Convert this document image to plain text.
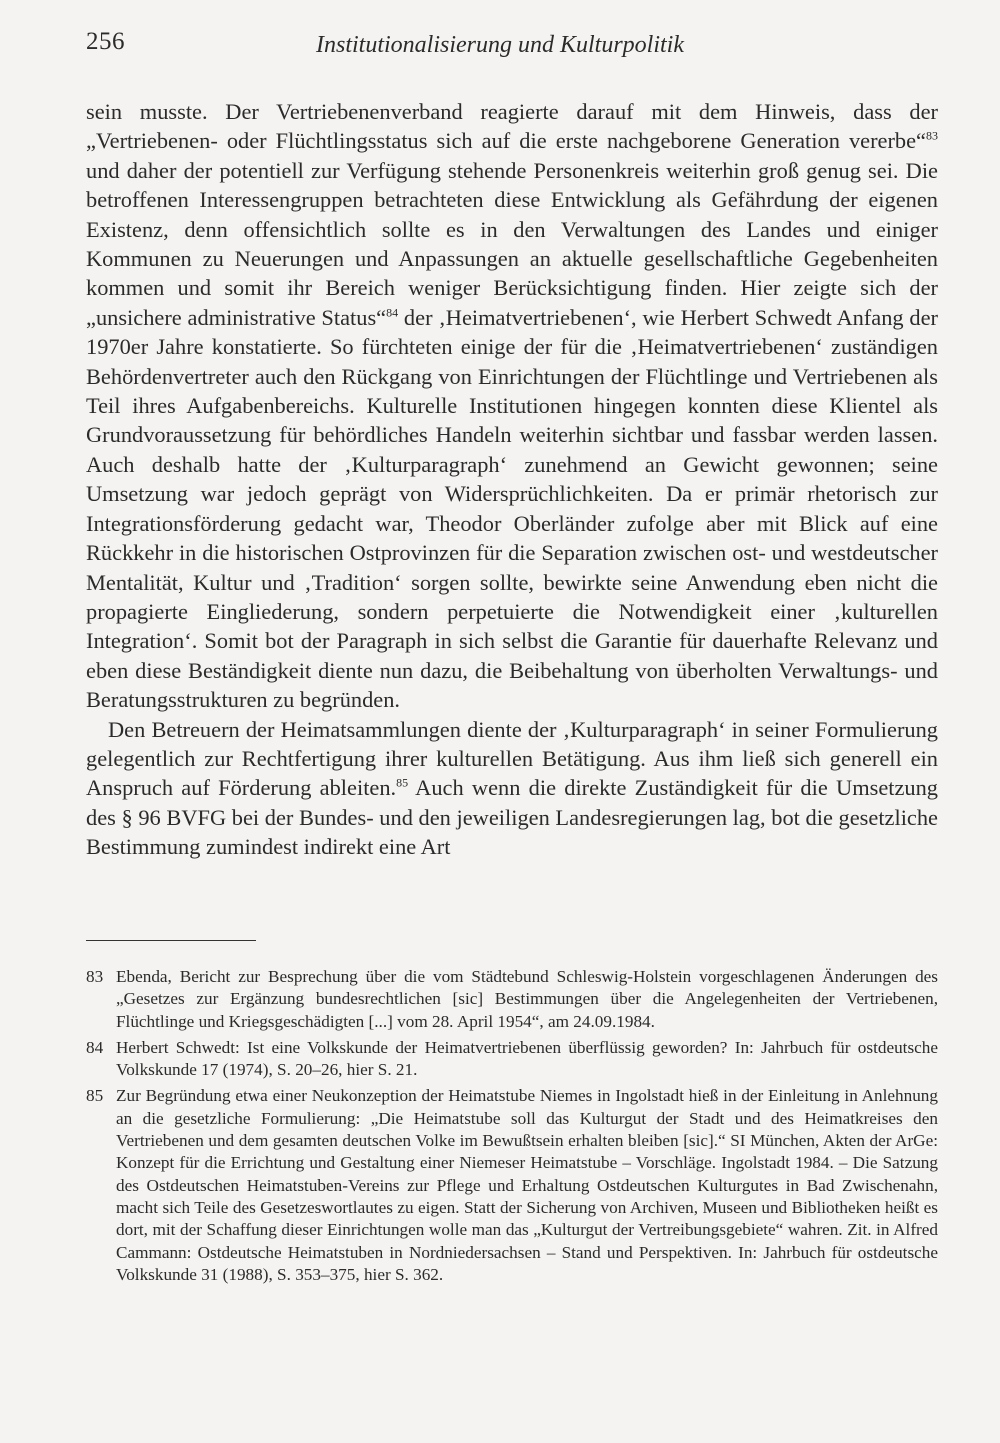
256	Institutionalisierung und Kulturpolitik

sein musste. Der Vertriebenenverband reagierte darauf mit dem Hinweis, dass der „Vertriebenen- oder Flüchtlingsstatus sich auf die erste nachgeborene Generation vererbe“$^{83}$ und daher der potentiell zur Verfügung stehende Personenkreis weiterhin groß genug sei. Die betroffenen Interessengruppen betrachteten diese Entwicklung als Gefährdung der eigenen Existenz, denn offensichtlich sollte es in den Verwaltungen des Landes und einiger Kommunen zu Neuerungen und Anpassungen an aktuelle gesellschaftliche Gegebenheiten kommen und somit ihr Bereich weniger Berücksichtigung finden. Hier zeigte sich der „unsichere administrative Status“$^{84}$ der ‚Heimatvertriebenen‘, wie Herbert Schwedt Anfang der 1970er Jahre konstatierte. So fürchteten einige der für die ‚Heimatvertriebenen‘ zuständigen Behördenvertreter auch den Rückgang von Einrichtungen der Flüchtlinge und Vertriebenen als Teil ihres Aufgabenbereichs. Kulturelle Institutionen hingegen konnten diese Klientel als Grundvoraussetzung für behördliches Handeln weiterhin sichtbar und fassbar werden lassen. Auch deshalb hatte der ‚Kulturparagraph‘ zunehmend an Gewicht gewonnen; seine Umsetzung war jedoch geprägt von Widersprüchlichkeiten. Da er primär rhetorisch zur Integrationsförderung gedacht war, Theodor Oberländer zufolge aber mit Blick auf eine Rückkehr in die historischen Ostprovinzen für die Separation zwischen ost- und westdeutscher Mentalität, Kultur und ‚Tradition‘ sorgen sollte, bewirkte seine Anwendung eben nicht die propagierte Eingliederung, sondern perpetuierte die Notwendigkeit einer ‚kulturellen Integration‘. Somit bot der Paragraph in sich selbst die Garantie für dauerhafte Relevanz und eben diese Beständigkeit diente nun dazu, die Beibehaltung von überholten Verwaltungs- und Beratungsstrukturen zu begründen.

Den Betreuern der Heimatsammlungen diente der ‚Kulturparagraph‘ in seiner Formulierung gelegentlich zur Rechtfertigung ihrer kulturellen Betätigung. Aus ihm ließ sich generell ein Anspruch auf Förderung ableiten.$^{85}$ Auch wenn die direkte Zuständigkeit für die Umsetzung des § 96 BVFG bei der Bundes- und den jeweiligen Landesregierungen lag, bot die gesetzliche Bestimmung zumindest indirekt eine Art

83 Ebenda, Bericht zur Besprechung über die vom Städtebund Schleswig-Holstein vorgeschlagenen Änderungen des „Gesetzes zur Ergänzung bundesrechtlichen [sic] Bestimmungen über die Angelegenheiten der Vertriebenen, Flüchtlinge und Kriegsgeschädigten [...] vom 28. April 1954“, am 24.09.1984.
84 Herbert Schwedt: Ist eine Volkskunde der Heimatvertriebenen überflüssig geworden? In: Jahrbuch für ostdeutsche Volkskunde 17 (1974), S. 20–26, hier S. 21.
85 Zur Begründung etwa einer Neukonzeption der Heimatstube Niemes in Ingolstadt hieß in der Einleitung in Anlehnung an die gesetzliche Formulierung: „Die Heimatstube soll das Kulturgut der Stadt und des Heimatkreises den Vertriebenen und dem gesamten deutschen Volke im Bewußtsein erhalten bleiben [sic].“ SI München, Akten der ArGe: Konzept für die Errichtung und Gestaltung einer Niemeser Heimatstube – Vorschläge. Ingolstadt 1984. – Die Satzung des Ostdeutschen Heimatstuben-Vereins zur Pflege und Erhaltung Ostdeutschen Kulturgutes in Bad Zwischenahn, macht sich Teile des Gesetzeswortlautes zu eigen. Statt der Sicherung von Archiven, Museen und Bibliotheken heißt es dort, mit der Schaffung dieser Einrichtungen wolle man das „Kulturgut der Vertreibungsgebiete“ wahren. Zit. in Alfred Cammann: Ostdeutsche Heimatstuben in Nordniedersachsen – Stand und Perspektiven. In: Jahrbuch für ostdeutsche Volkskunde 31 (1988), S. 353–375, hier S. 362.
